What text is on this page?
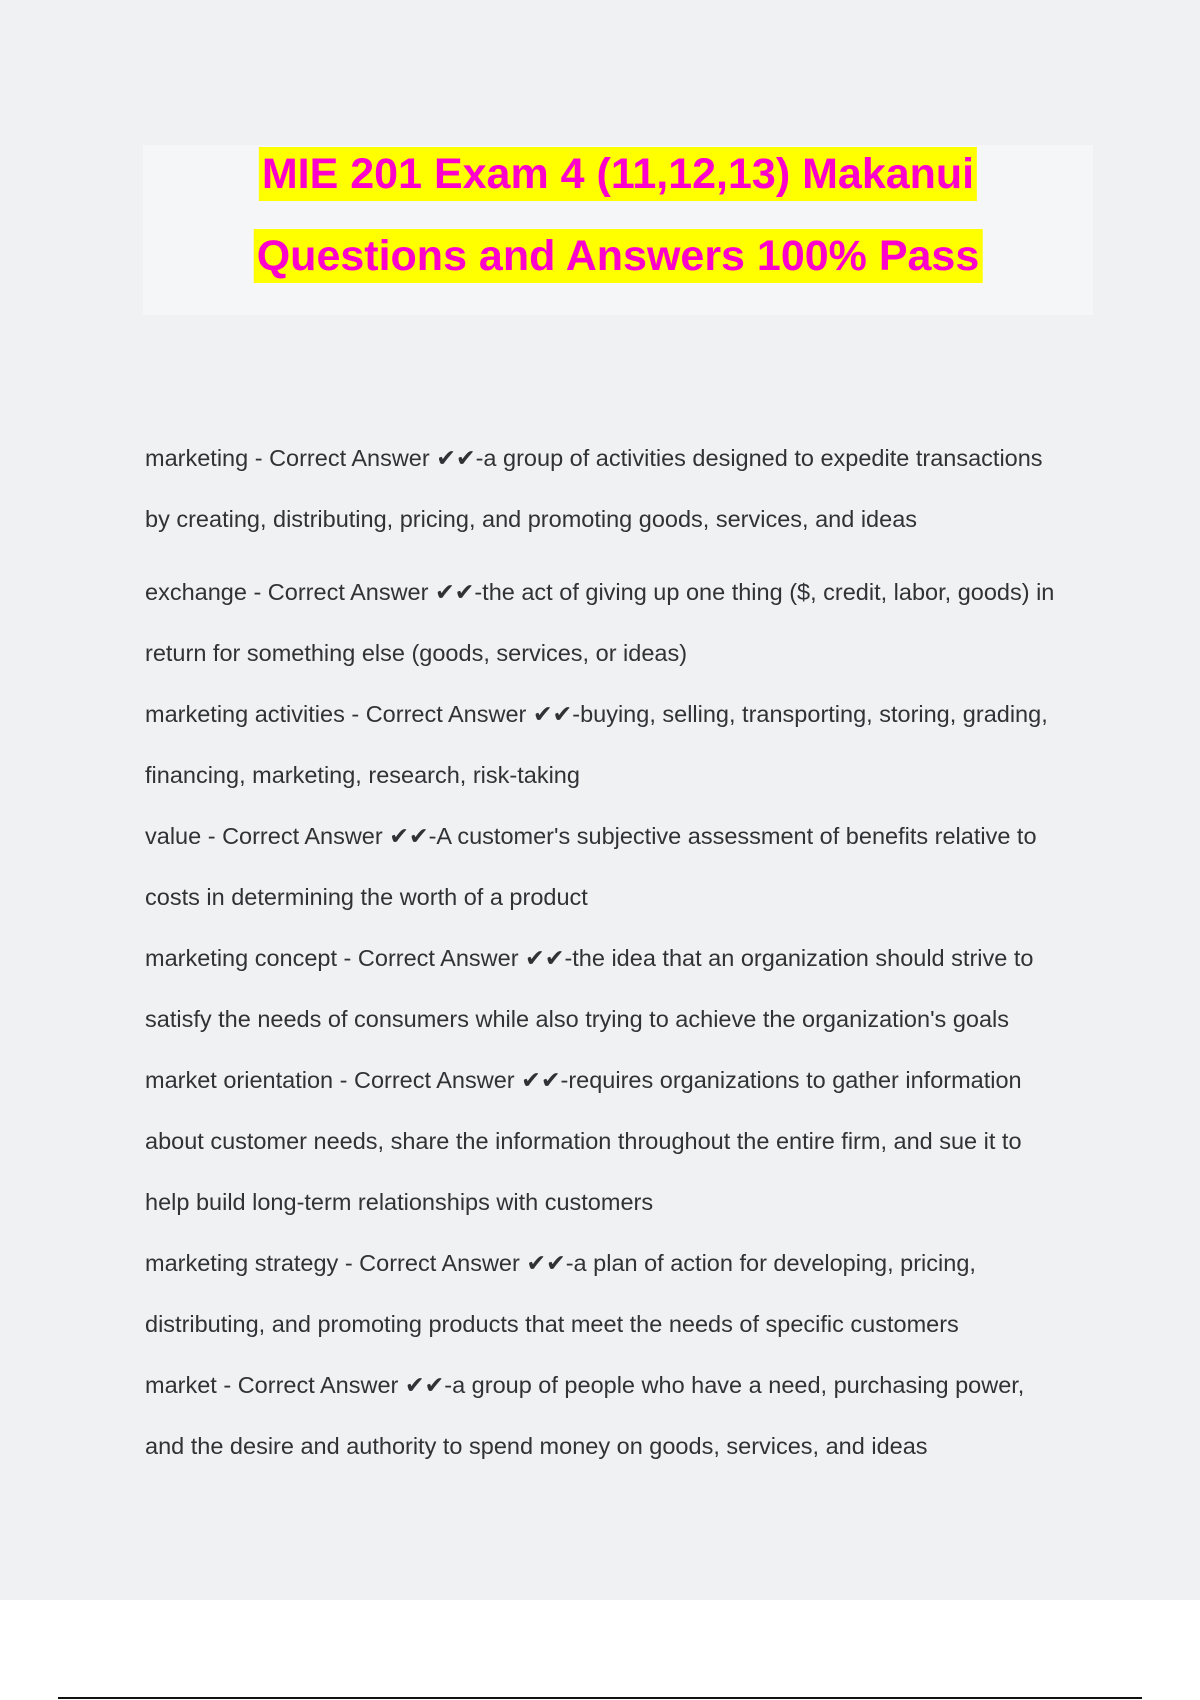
MIE 201 Exam 4 (11,12,13) Makanui
Questions and Answers 100% Pass
marketing - Correct Answer ✔✔-a group of activities designed to expedite transactions
by creating, distributing, pricing, and promoting goods, services, and ideas
exchange - Correct Answer ✔✔-the act of giving up one thing ($, credit, labor, goods) in
return for something else (goods, services, or ideas)
marketing activities - Correct Answer ✔✔-buying, selling, transporting, storing, grading,
financing, marketing, research, risk-taking
value - Correct Answer ✔✔-A customer's subjective assessment of benefits relative to
costs in determining the worth of a product
marketing concept - Correct Answer ✔✔-the idea that an organization should strive to
satisfy the needs of consumers while also trying to achieve the organization's goals
market orientation - Correct Answer ✔✔-requires organizations to gather information
about customer needs, share the information throughout the entire firm, and sue it to
help build long-term relationships with customers
marketing strategy - Correct Answer ✔✔-a plan of action for developing, pricing,
distributing, and promoting products that meet the needs of specific customers
market - Correct Answer ✔✔-a group of people who have a need, purchasing power,
and the desire and authority to spend money on goods, services, and ideas
